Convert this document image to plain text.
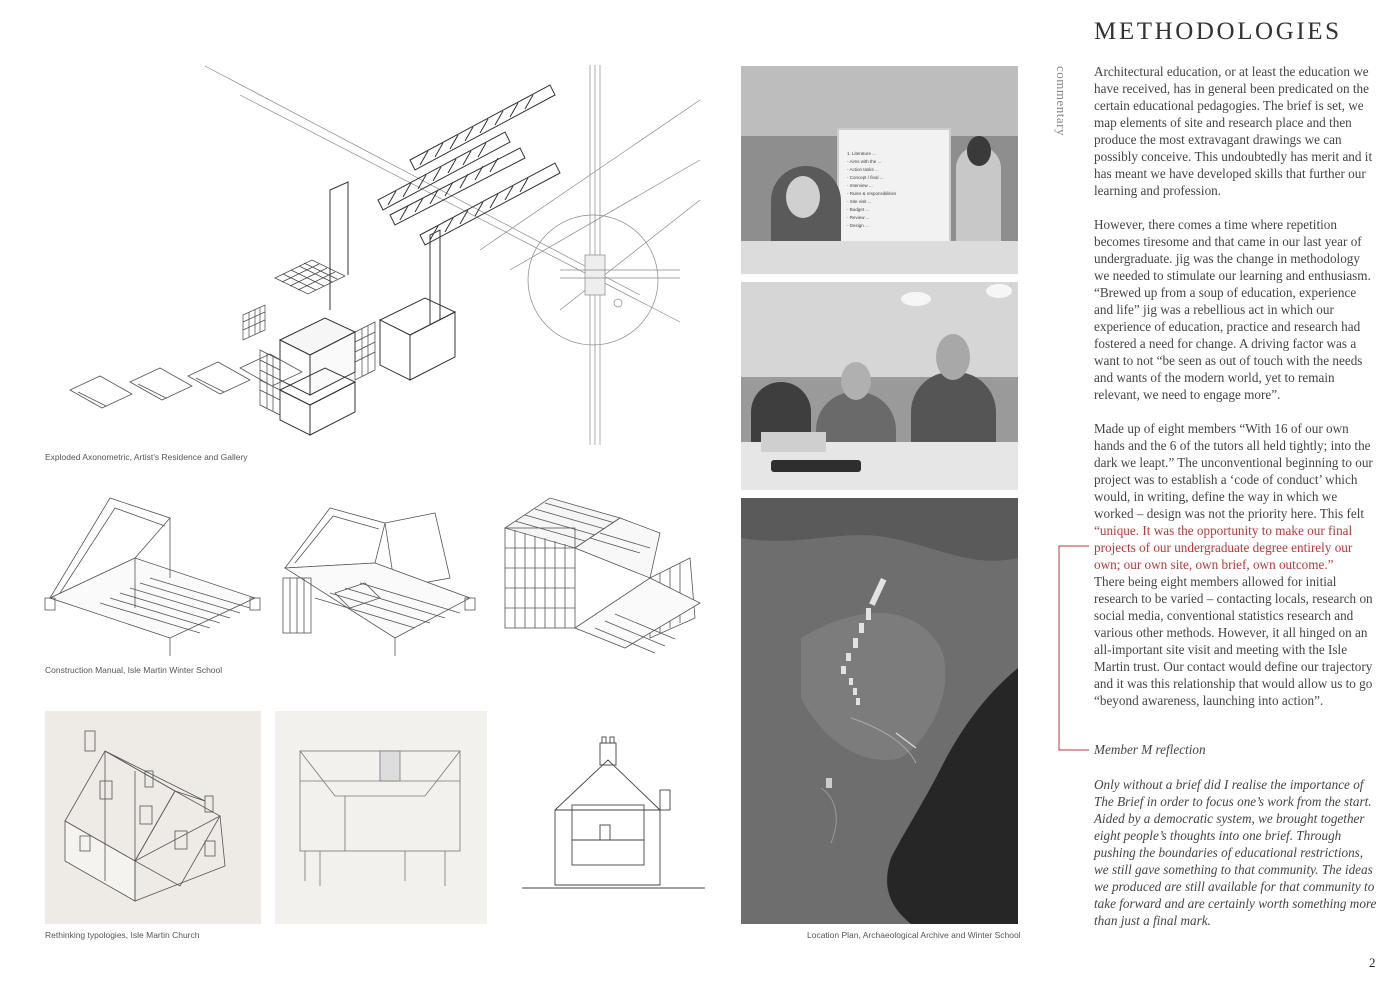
METHODOLOGIES
commentary Architectural education, or at least the education we have received, has in general been predicated on the certain educational pedagogies. The brief is set, we map elements of site and research place and then produce the most extravagant drawings we can possibly conceive. This undoubtedly has merit and it has meant we have developed skills that further our learning and profession.

However, there comes a time where repetition becomes tiresome and that came in our last year of undergraduate. jig was the change in methodology we needed to stimulate our learning and enthusiasm. “Brewed up from a soup of education, experience and life” jig was a rebellious act in which our experience of education, practice and research had fostered a need for change. A driving factor was a want to not “be seen as out of touch with the needs and wants of the modern world, yet to remain relevant, we need to engage more”.

Made up of eight members “With 16 of our own hands and the 6 of the tutors all held tightly; into the dark we leapt.” The unconventional beginning to our project was to establish a ‘code of conduct’ which would, in writing, define the way in which we worked – design was not the priority here. This felt “unique. It was the opportunity to make our final projects of our undergraduate degree entirely our own; our own site, own brief, own outcome.”
There being eight members allowed for initial research to be varied – contacting locals, research on social media, conventional statistics research and various other methods. However, it all hinged on an all-important site visit and meeting with the Isle Martin trust. Our contact would define our trajectory and it was this relationship that would allow us to go “beyond awareness, launching into action”.

Member M reflection

Only without a brief did I realise the importance of The Brief in order to focus one’s work from the start. Aided by a democratic system, we brought together eight people’s thoughts into one brief. Through pushing the boundaries of educational restrictions, we still gave something to that community. The ideas we produced are still available for that community to take forward and are certainly worth something more than just a final mark.

2
Exploded Axonometric, Artist’s Residence and Gallery
Construction Manual, Isle Martin Winter School
Rethinking typologies, Isle Martin Church
1. Literature ...
- Aims with the ...
- Action tasks ...
- Concept / final ...
- Interview ...
- Rules & responsibilities
- Site visit ...
- Budget ...
- Review ...
- Design ...
Location Plan, Archaeological Archive and Winter School
